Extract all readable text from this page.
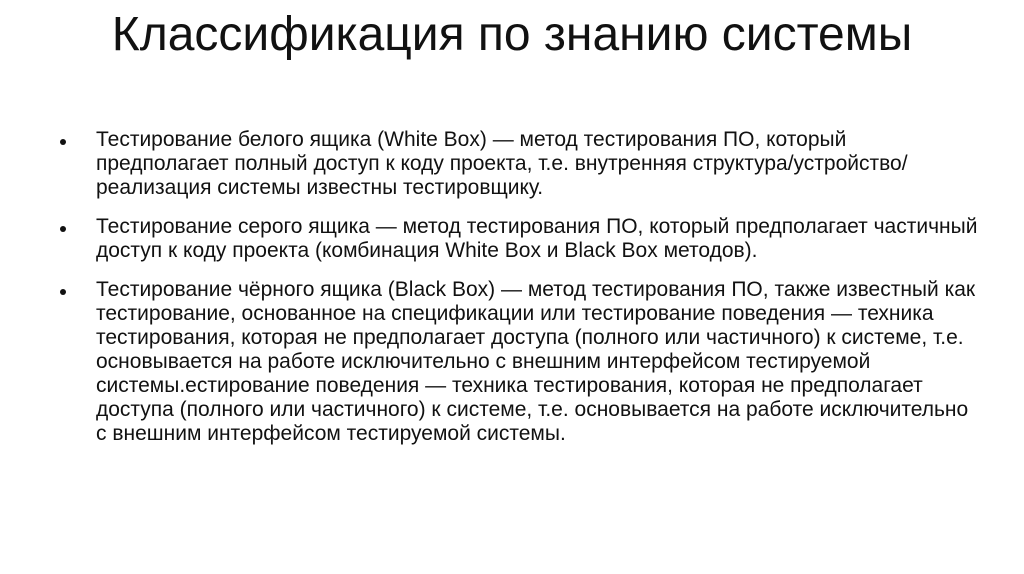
Классификация по знанию системы
Тестирование белого ящика (White Box) — метод тестирования ПО, который предполагает полный доступ к коду проекта, т.е. внутренняя структура/устройство/реализация системы известны тестировщику.
Тестирование серого ящика — метод тестирования ПО, который предполагает частичный доступ к коду проекта (комбинация White Box и Black Box методов).
Тестирование чёрного ящика (Black Box) — метод тестирования ПО, также известный как тестирование, основанное на спецификации или тестирование поведения — техника тестирования, которая не предполагает доступа (полного или частичного) к системе, т.е. основывается на работе исключительно с внешним интерфейсом тестируемой системы.естирование поведения — техника тестирования, которая не предполагает доступа (полного или частичного) к системе, т.е. основывается на работе исключительно с внешним интерфейсом тестируемой системы.
